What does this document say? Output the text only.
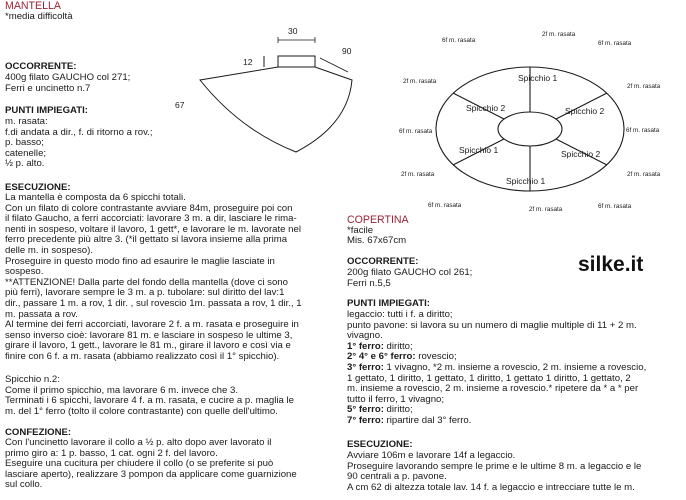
MANTELLA
*media difficoltà
OCCORRENTE:
400g filato GAUCHO col 271;
Ferri e uncinetto n.7
PUNTI IMPIEGATI:
m. rasata:
f.di andata a dir., f. di ritorno a rov.;
p. basso;
catenelle;
½ p. alto.
ESECUZIONE:
La mantella è composta da 6 spicchi totali.
Con un filato di colore contrastante avviare 84m, proseguire poi con
il filato Gaucho, a ferri accorciati: lavorare 3 m. a dir, lasciare le rima-
nenti in sospeso, voltare il lavoro, 1 gett*, e lavorare le m. lavorate nel
ferro precedente più altre 3. (*il gettato si lavora insieme alla prima
delle m. in sospeso).
Proseguire in questo modo fino ad esaurire le maglie lasciate in
sospeso.
**ATTENZIONE! Dalla parte del fondo della mantella (dove ci sono
più ferri), lavorare sempre le 3 m. a p. tubolare: sul diritto del lav:1
dir., passare 1 m. a rov, 1 dir. , sul rovescio 1m. passata a rov, 1 dir., 1
m. passata a rov.
Al termine dei ferri accorciati, lavorare 2 f. a m. rasata e proseguire in
senso inverso cioè: lavorare 81 m. e lasciare in sospeso le ultime 3,
girare il lavoro, 1 gett., lavorare le 81 m., girare il lavoro e così via e
finire con 6 f. a m. rasata (abbiamo realizzato così il 1° spicchio).
Spicchio n.2:
Come il primo spicchio, ma lavorare 6 m. invece che 3.
Terminati i 6 spicchi, lavorare 4 f. a m. rasata, e cucire a p. maglia le
m. del 1° ferro (tolto il colore contrastante) con quelle dell'ultimo.
CONFEZIONE:
Con l'uncinetto lavorare il collo a ½ p. alto dopo aver lavorato il
primo giro a: 1 p. basso, 1 cat. ogni 2 f. del lavoro.
Eseguire una cucitura per chiudere il collo (o se preferite si può
lasciare aperto), realizzare 3 pompon da applicare come guarnizione
sul collo.
30
12
90
67
Spicchio 1
Spicchio 2	Spicchio 2
Spicchio 1	Spicchio 2
Spicchio 1
6f m. rasata
2f m. rasata
6f m. rasata
2f m. rasata
2f m. rasata
6f m. rasata	6f m. rasata
2f m. rasata	2f m. rasata
6f m. rasata	6f m. rasata
2f m. rasata
silke.it
COPERTINA
*facile
Mis. 67x67cm
OCCORRENTE:
200g filato GAUCHO col 261;
Ferri n.5,5
PUNTI IMPIEGATI:
legaccio: tutti i f. a diritto;
punto pavone: si lavora su un numero di maglie multiple di 11 + 2 m.
vivagno.
1° ferro: diritto;
2° 4° e 6° ferro: rovescio;
3° ferro: 1 vivagno, *2 m. insieme a rovescio, 2 m. insieme a rovescio,
1 gettato, 1 diritto, 1 gettato, 1 diritto, 1 gettato 1 diritto, 1 gettato, 2
m. insieme a rovescio, 2 m. insieme a rovescio.* ripetere da * a * per
tutto il ferro, 1 vivagno;
5° ferro: diritto;
7° ferro: ripartire dal 3° ferro.
ESECUZIONE:
Avviare 106m e lavorare 14f a legaccio.
Proseguire lavorando sempre le prime e le ultime 8 m. a legaccio e le
90 centrali a p. pavone.
A cm 62 di altezza totale lav. 14 f. a legaccio e intrecciare tutte le m.
